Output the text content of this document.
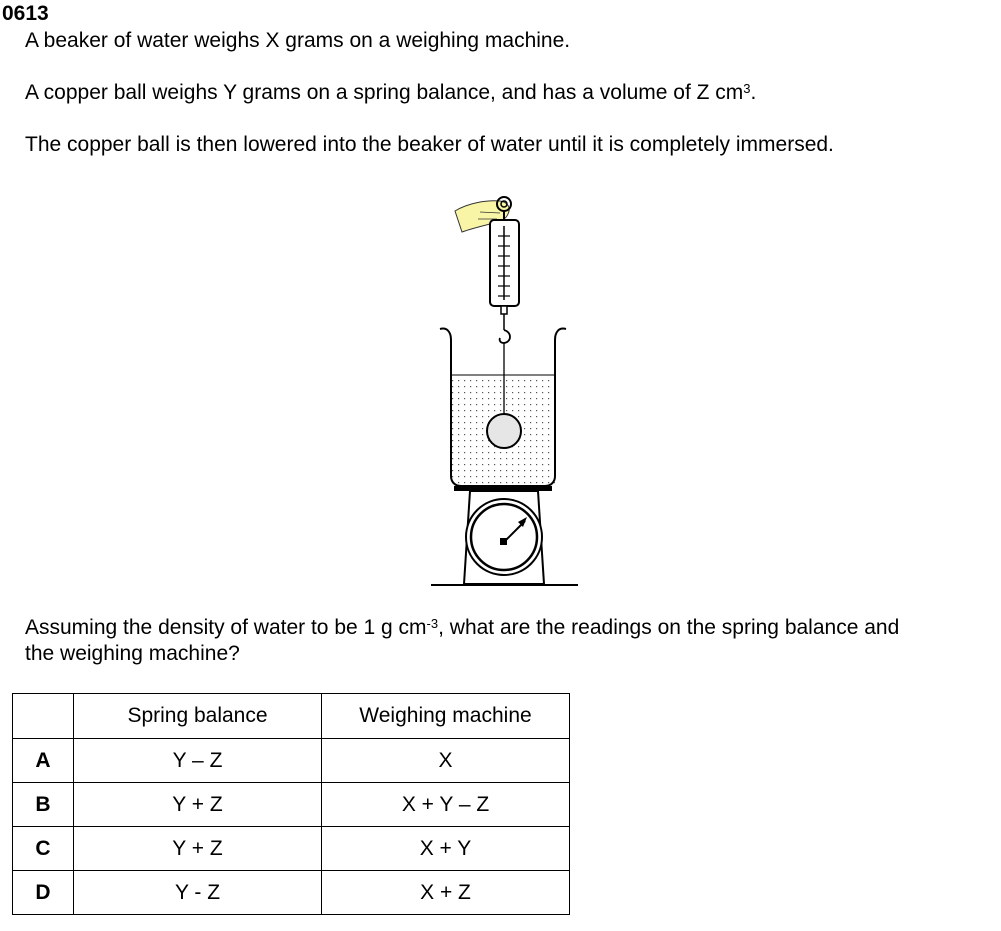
0613
A beaker of water weighs X grams on a weighing machine.
A copper ball weighs Y grams on a spring balance, and has a volume of Z $cm^3$.
The copper ball is then lowered into the beaker of water until it is completely immersed.
Assuming the density of water to be 1 g $cm^{-3}$, what are the readings on the spring balance and
the weighing machine?
	Spring balance	Weighing machine
A	Y – Z	X
B	Y + Z	X + Y – Z
C	Y + Z	X + Y
D	Y - Z	X + Z
